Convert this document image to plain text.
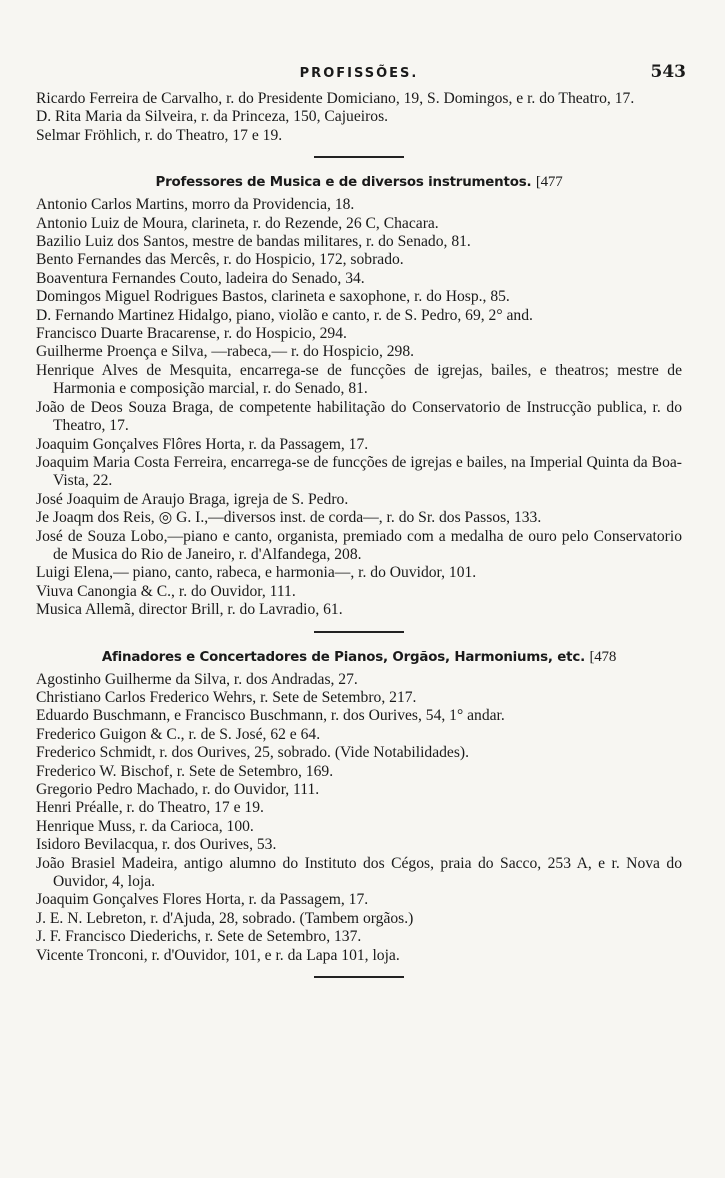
PROFISSÕES.	543
Ricardo Ferreira de Carvalho, r. do Presidente Domiciano, 19, S. Domingos, e r. do Theatro, 17.
D. Rita Maria da Silveira, r. da Princeza, 150, Cajueiros.
Selmar Fröhlich, r. do Theatro, 17 e 19.
Professores de Musica e de diversos instrumentos. [477
Antonio Carlos Martins, morro da Providencia, 18.
Antonio Luiz de Moura, clarineta, r. do Rezende, 26 C, Chacara.
Bazilio Luiz dos Santos, mestre de bandas militares, r. do Senado, 81.
Bento Fernandes das Mercês, r. do Hospicio, 172, sobrado.
Boaventura Fernandes Couto, ladeira do Senado, 34.
Domingos Miguel Rodrigues Bastos, clarineta e saxophone, r. do Hosp., 85.
D. Fernando Martinez Hidalgo, piano, violão e canto, r. de S. Pedro, 69, 2° and.
Francisco Duarte Bracarense, r. do Hospicio, 294.
Guilherme Proença e Silva, —rabeca,— r. do Hospicio, 298.
Henrique Alves de Mesquita, encarrega-se de funcções de igrejas, bailes, e theatros; mestre de Harmonia e composição marcial, r. do Senado, 81.
João de Deos Souza Braga, de competente habilitação do Conservatorio de Instrucção publica, r. do Theatro, 17.
Joaquim Gonçalves Flôres Horta, r. da Passagem, 17.
Joaquim Maria Costa Ferreira, encarrega-se de funcções de igrejas e bailes, na Imperial Quinta da Boa-Vista, 22.
José Joaquim de Araujo Braga, igreja de S. Pedro.
Je Joaqm dos Reis, ◎ G. I.,—diversos inst. de corda—, r. do Sr. dos Passos, 133.
José de Souza Lobo,—piano e canto, organista, premiado com a medalha de ouro pelo Conservatorio de Musica do Rio de Janeiro, r. d'Alfandega, 208.
Luigi Elena,— piano, canto, rabeca, e harmonia—, r. do Ouvidor, 101.
Viuva Canongia & C., r. do Ouvidor, 111.
Musica Allemã, director Brill, r. do Lavradio, 61.
Afinadores e Concertadores de Pianos, Orgãos, Harmoniums, etc. [478
Agostinho Guilherme da Silva, r. dos Andradas, 27.
Christiano Carlos Frederico Wehrs, r. Sete de Setembro, 217.
Eduardo Buschmann, e Francisco Buschmann, r. dos Ourives, 54, 1° andar.
Frederico Guigon & C., r. de S. José, 62 e 64.
Frederico Schmidt, r. dos Ourives, 25, sobrado. (Vide Notabilidades).
Frederico W. Bischof, r. Sete de Setembro, 169.
Gregorio Pedro Machado, r. do Ouvidor, 111.
Henri Préalle, r. do Theatro, 17 e 19.
Henrique Muss, r. da Carioca, 100.
Isidoro Bevilacqua, r. dos Ourives, 53.
João Brasiel Madeira, antigo alumno do Instituto dos Cégos, praia do Sacco, 253 A, e r. Nova do Ouvidor, 4, loja.
Joaquim Gonçalves Flores Horta, r. da Passagem, 17.
J. E. N. Lebreton, r. d'Ajuda, 28, sobrado. (Tambem orgãos.)
J. F. Francisco Diederichs, r. Sete de Setembro, 137.
Vicente Tronconi, r. d'Ouvidor, 101, e r. da Lapa 101, loja.
